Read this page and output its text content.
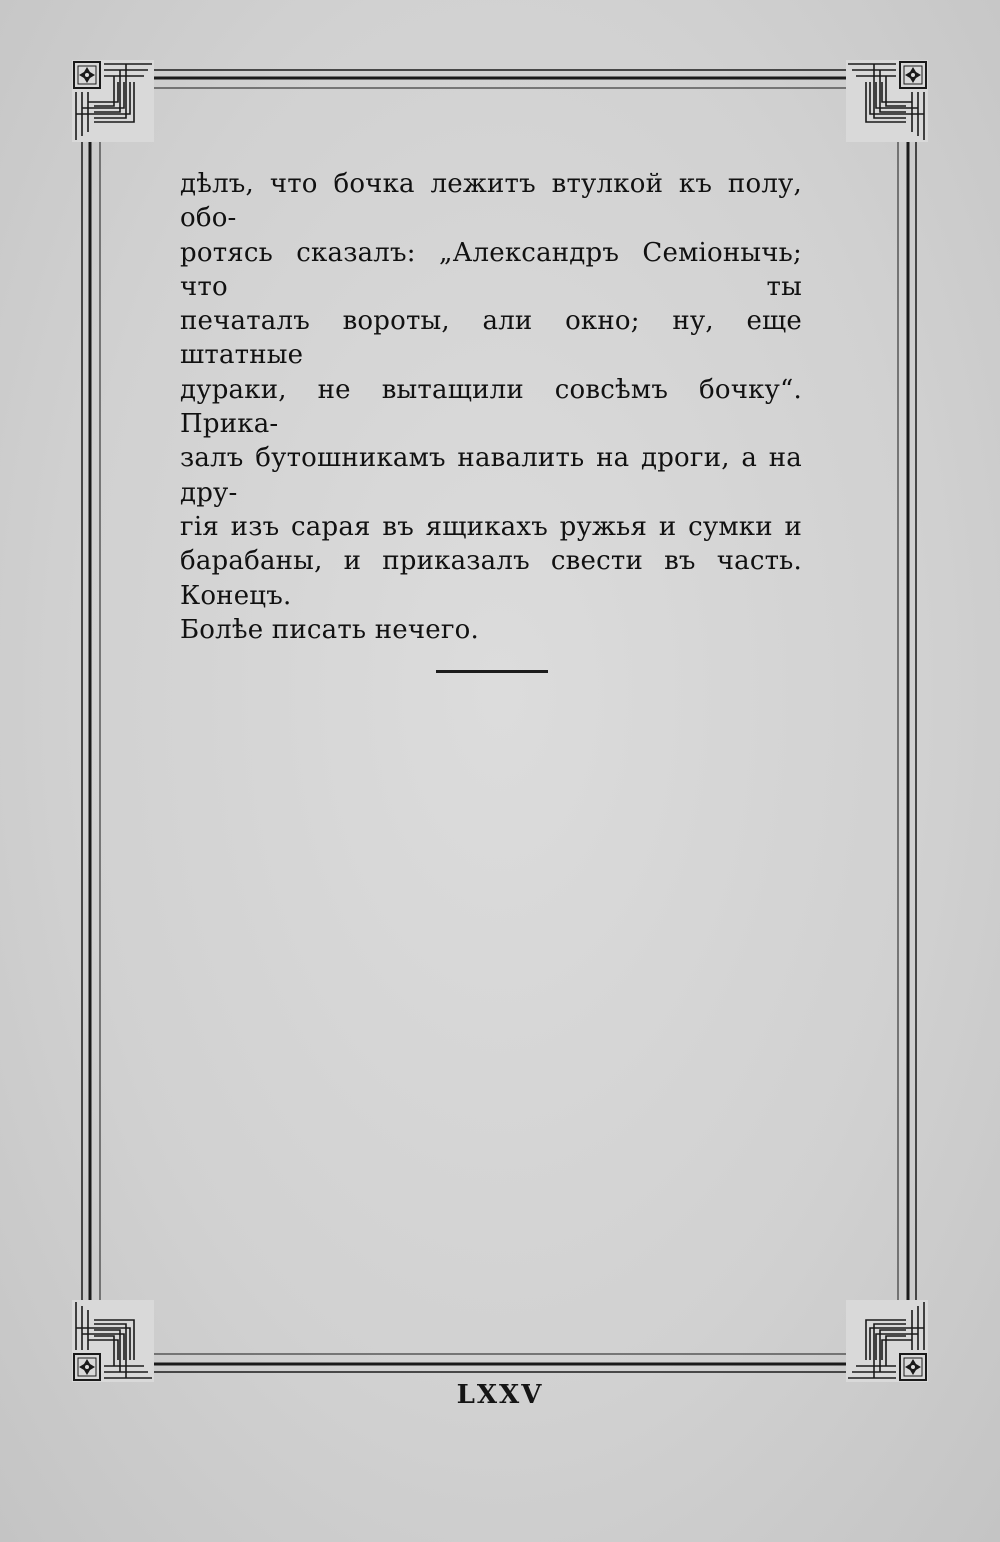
дѣлъ, что бочка лежитъ втулкой къ полу, обо-
ротясь сказалъ: „Александръ Семіонычь; что ты
печаталъ вороты, али окно; ну, еще штатные
дураки, не вытащили совсѣмъ бочку“. Прика-
залъ бутошникамъ навалить на дроги, а на дру-
гія изъ сарая въ ящикахъ ружья и сумки и
барабаны, и приказалъ свести въ часть. Конецъ.
Болѣе писать нечего.
LXXV
